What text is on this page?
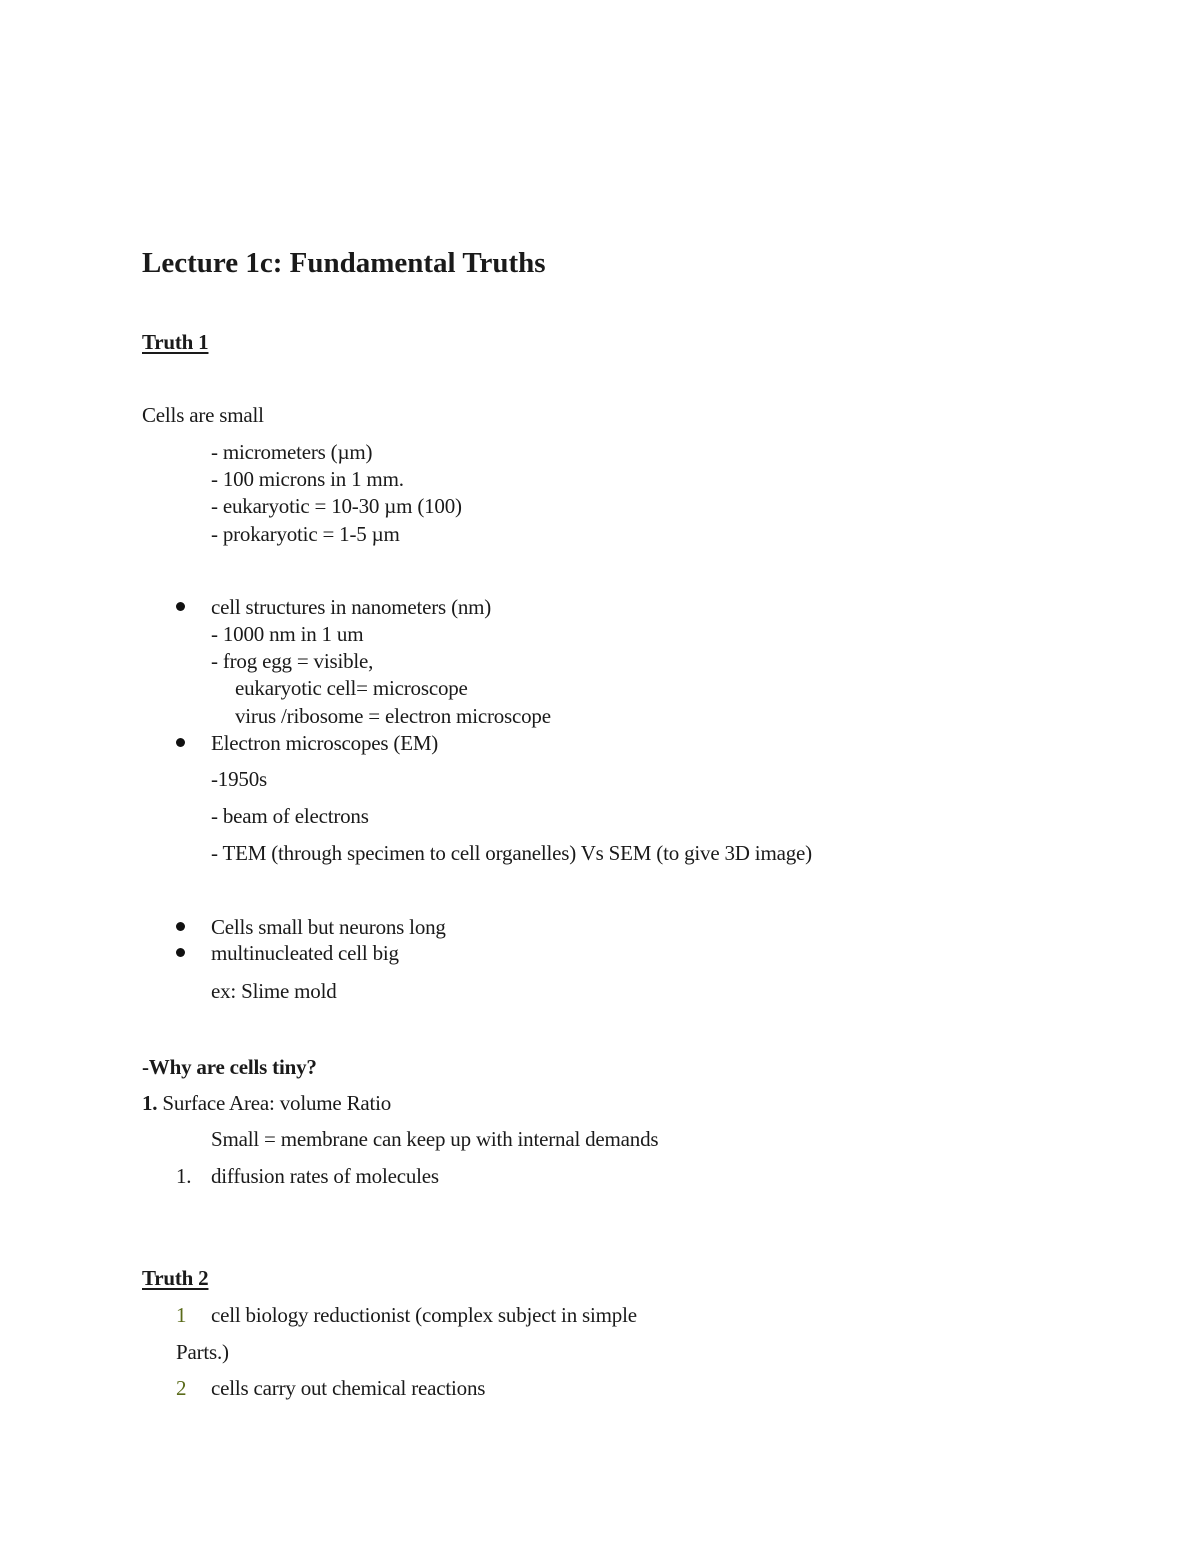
Lecture 1c: Fundamental Truths
Truth 1
Cells are small
- micrometers (µm)
- 100 microns in 1 mm.
- eukaryotic = 10-30 µm (100)
- prokaryotic = 1-5 µm
cell structures in nanometers (nm)
- 1000 nm in 1 um
- frog egg = visible,
eukaryotic cell= microscope
virus /ribosome = electron microscope
Electron microscopes (EM)
-1950s
- beam of electrons
- TEM (through specimen to cell organelles) Vs SEM (to give 3D image)
Cells small but neurons long
multinucleated cell big
ex: Slime mold
-Why are cells tiny?
1. Surface Area: volume Ratio
Small = membrane can keep up with internal demands
1. diffusion rates of molecules
Truth 2
1 cell biology reductionist (complex subject in simple
Parts.)
2 cells carry out chemical reactions
